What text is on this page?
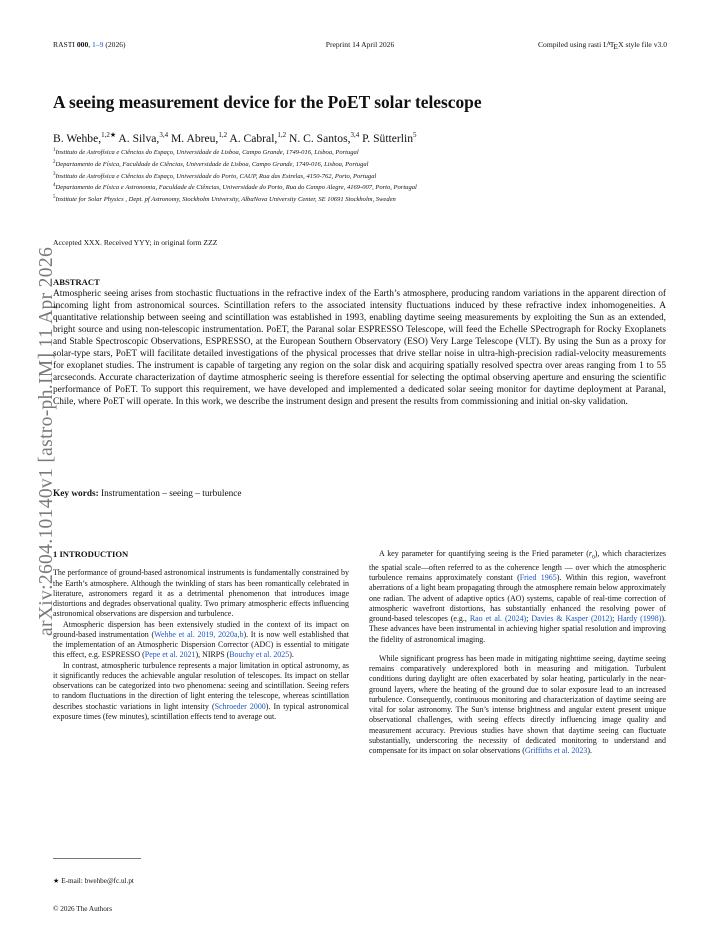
RASTI 000, 1–9 (2026)	Preprint 14 April 2026	Compiled using rasti $L^ATEX$ style file v3.0
arXiv:2604.10140v1 [astro-ph.IM] 11 Apr 2026
A seeing measurement device for the PoET solar telescope
B. Wehbe,$^{1,2★}$ A. Silva,$^{3,4}$ M. Abreu,$^{1,2}$ A. Cabral,$^{1,2}$ N. C. Santos,$^{3,4}$ P. Sütterlin$^5$
$^1$Instituto de Astrofísica e Ciências do Espaço, Universidade de Lisboa, Campo Grande, 1749-016, Lisboa, Portugal
$^2$Departamento de Física, Faculdade de Ciências, Universidade de Lisboa, Campo Grande, 1749-016, Lisboa, Portugal
$^3$Instituto de Astrofísica e Ciências do Espaço, Universidade do Porto, CAUP, Rua das Estrelas, 4150-762, Porto, Portugal
$^4$Departamento de Física e Astronomia, Faculdade de Ciências, Universidade do Porto, Rua do Campo Alegre, 4169-007, Porto, Portugal
$^5$Institute for Solar Physics , Dept. pf Astronomy, Stockholm University, AlbaNova University Center, SE 10691 Stockholm, Sweden
Accepted XXX. Received YYY; in original form ZZZ
ABSTRACT
Atmospheric seeing arises from stochastic fluctuations in the refractive index of the Earth’s atmosphere, producing random variations in the apparent direction of incoming light from astronomical sources. Scintillation refers to the associated intensity fluctuations induced by these refractive index inhomogeneities. A quantitative relationship between seeing and scintillation was established in 1993, enabling daytime seeing measurements by exploiting the Sun as an extended, bright source and using non-telescopic instrumentation. PoET, the Paranal solar ESPRESSO Telescope, will feed the Echelle SPectrograph for Rocky Exoplanets and Stable Spectroscopic Observations, ESPRESSO, at the European Southern Observatory (ESO) Very Large Telescope (VLT). By using the Sun as a proxy for solar-type stars, PoET will facilitate detailed investigations of the physical processes that drive stellar noise in ultra-high-precision radial-velocity measurements for exoplanet studies. The instrument is capable of targeting any region on the solar disk and acquiring spatially resolved spectra over areas ranging from 1 to 55 arcseconds. Accurate characterization of daytime atmospheric seeing is therefore essential for selecting the optimal observing aperture and ensuring the scientific performance of PoET. To support this requirement, we have developed and implemented a dedicated solar seeing monitor for daytime deployment at Paranal, Chile, where PoET will operate. In this work, we describe the instrument design and present the results from commissioning and initial on-sky validation.
Key words: Instrumentation – seeing – turbulence
1 INTRODUCTION

The performance of ground-based astronomical instruments is fundamentally constrained by the Earth’s atmosphere. Although the twinkling of stars has been romantically celebrated in literature, astronomers regard it as a detrimental phenomenon that introduces image distortions and degrades observational quality. Two primary atmospheric effects influencing astronomical observations are dispersion and turbulence.

Atmospheric dispersion has been extensively studied in the context of its impact on ground-based instrumentation (Wehbe et al. 2019, 2020a,b). It is now well established that the implementation of an Atmospheric Dispersion Corrector (ADC) is essential to mitigate this effect, e.g. ESPRESSO (Pepe et al. 2021), NIRPS (Bouchy et al. 2025).

In contrast, atmospheric turbulence represents a major limitation in optical astronomy, as it significantly reduces the achievable angular resolution of telescopes. Its impact on stellar observations can be categorized into two phenomena: seeing and scintillation. Seeing refers to random fluctuations in the direction of light entering the telescope, whereas scintillation describes stochastic variations in light intensity (Schroeder 2000). In typical astronomical exposure times (few minutes), scintillation effects tend to average out.

A key parameter for quantifying seeing is the Fried parameter $(r_0)$, which characterizes the spatial scale—often referred to as the coherence length — over which the atmospheric turbulence remains approximately constant (Fried 1965). Within this region, wavefront aberrations of a light beam propagating through the atmosphere remain below approximately one radian. The advent of adaptive optics (AO) systems, capable of real-time correction of atmospheric wavefront distortions, has substantially enhanced the resolving power of ground-based telescopes (e.g., Rao et al. (2024); Davies & Kasper (2012); Hardy (1998)). These advances have been instrumental in achieving higher spatial resolution and improving the fidelity of astronomical imaging.

While significant progress has been made in mitigating nighttime seeing, daytime seeing remains comparatively underexplored both in measuring and mitigation. Turbulent conditions during daylight are often exacerbated by solar heating, particularly in the near-ground layers, where the heating of the ground due to solar exposure lead to an increased turbulence. Consequently, continuous monitoring and characterization of daytime seeing are vital for solar astronomy. The Sun’s intense brightness and angular extent present unique observational challenges, with seeing effects directly influencing image quality and measurement accuracy. Previous studies have shown that daytime seeing can fluctuate substantially, underscoring the necessity of dedicated monitoring to understand and compensate for its impact on solar observations (Griffiths et al. 2023).

★ E-mail: bwehbe@fc.ul.pt
© 2026 The Authors
